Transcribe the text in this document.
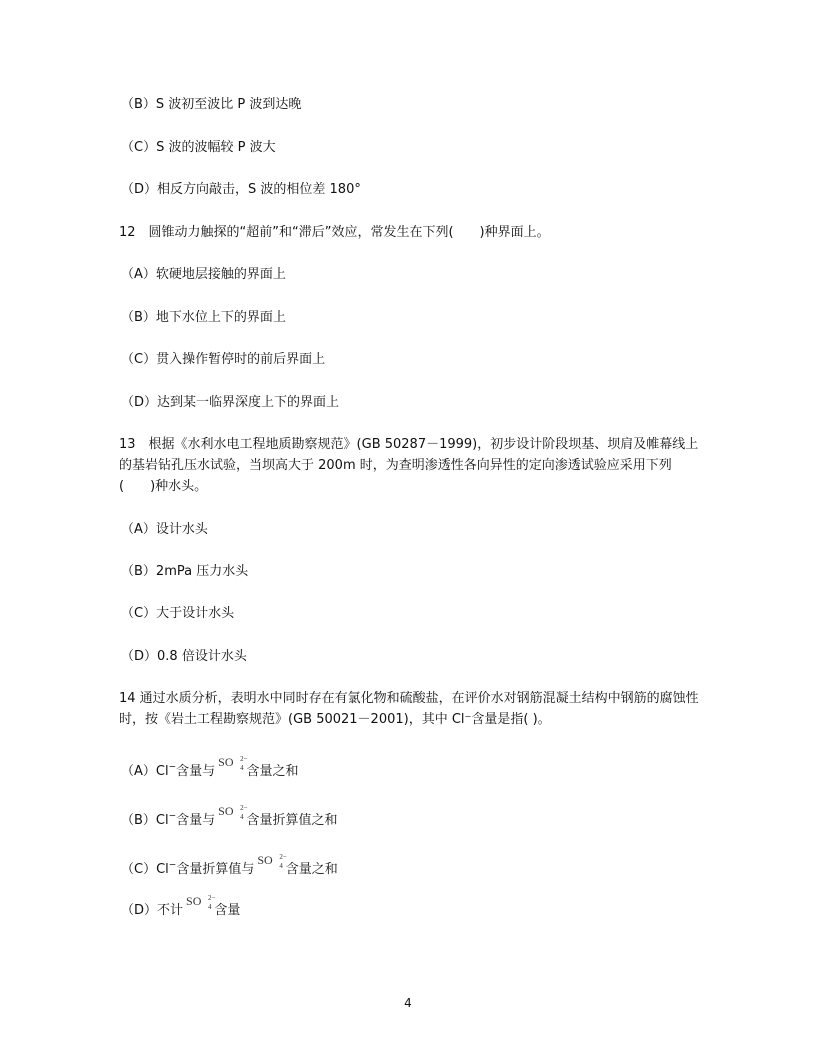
（B）S 波初至波比 P 波到达晚
（C）S 波的波幅较 P 波大
（D）相反方向敲击，S 波的相位差 180°
12　圆锥动力触探的“超前”和“滞后”效应，常发生在下列(　　)种界面上。
（A）软硬地层接触的界面上
（B）地下水位上下的界面上
（C）贯入操作暂停时的前后界面上
（D）达到某一临界深度上下的界面上
13　根据《水利水电工程地质勘察规范》(GB 50287－1999)，初步设计阶段坝基、坝肩及帷幕线上的基岩钻孔压水试验，当坝高大于 200m 时，为查明渗透性各向异性的定向渗透试验应采用下列(　　)种水头。
（A）设计水头
（B）2mPa 压力水头
（C）大于设计水头
（D）0.8 倍设计水头
14 通过水质分析，表明水中同时存在有氯化物和硫酸盐，在评价水对钢筋混凝土结构中钢筋的腐蚀性时，按《岩土工程勘察规范》(GB 50021－2001)，其中 Cl⁻含量是指( )。
（A）Cl−含量与SO 2−
4 含量之和
（B）Cl−含量与SO 2−
4 含量折算值之和
（C）Cl−含量折算值与SO 2−
4 含量之和
（D）不计SO 2−
4 含量
4
